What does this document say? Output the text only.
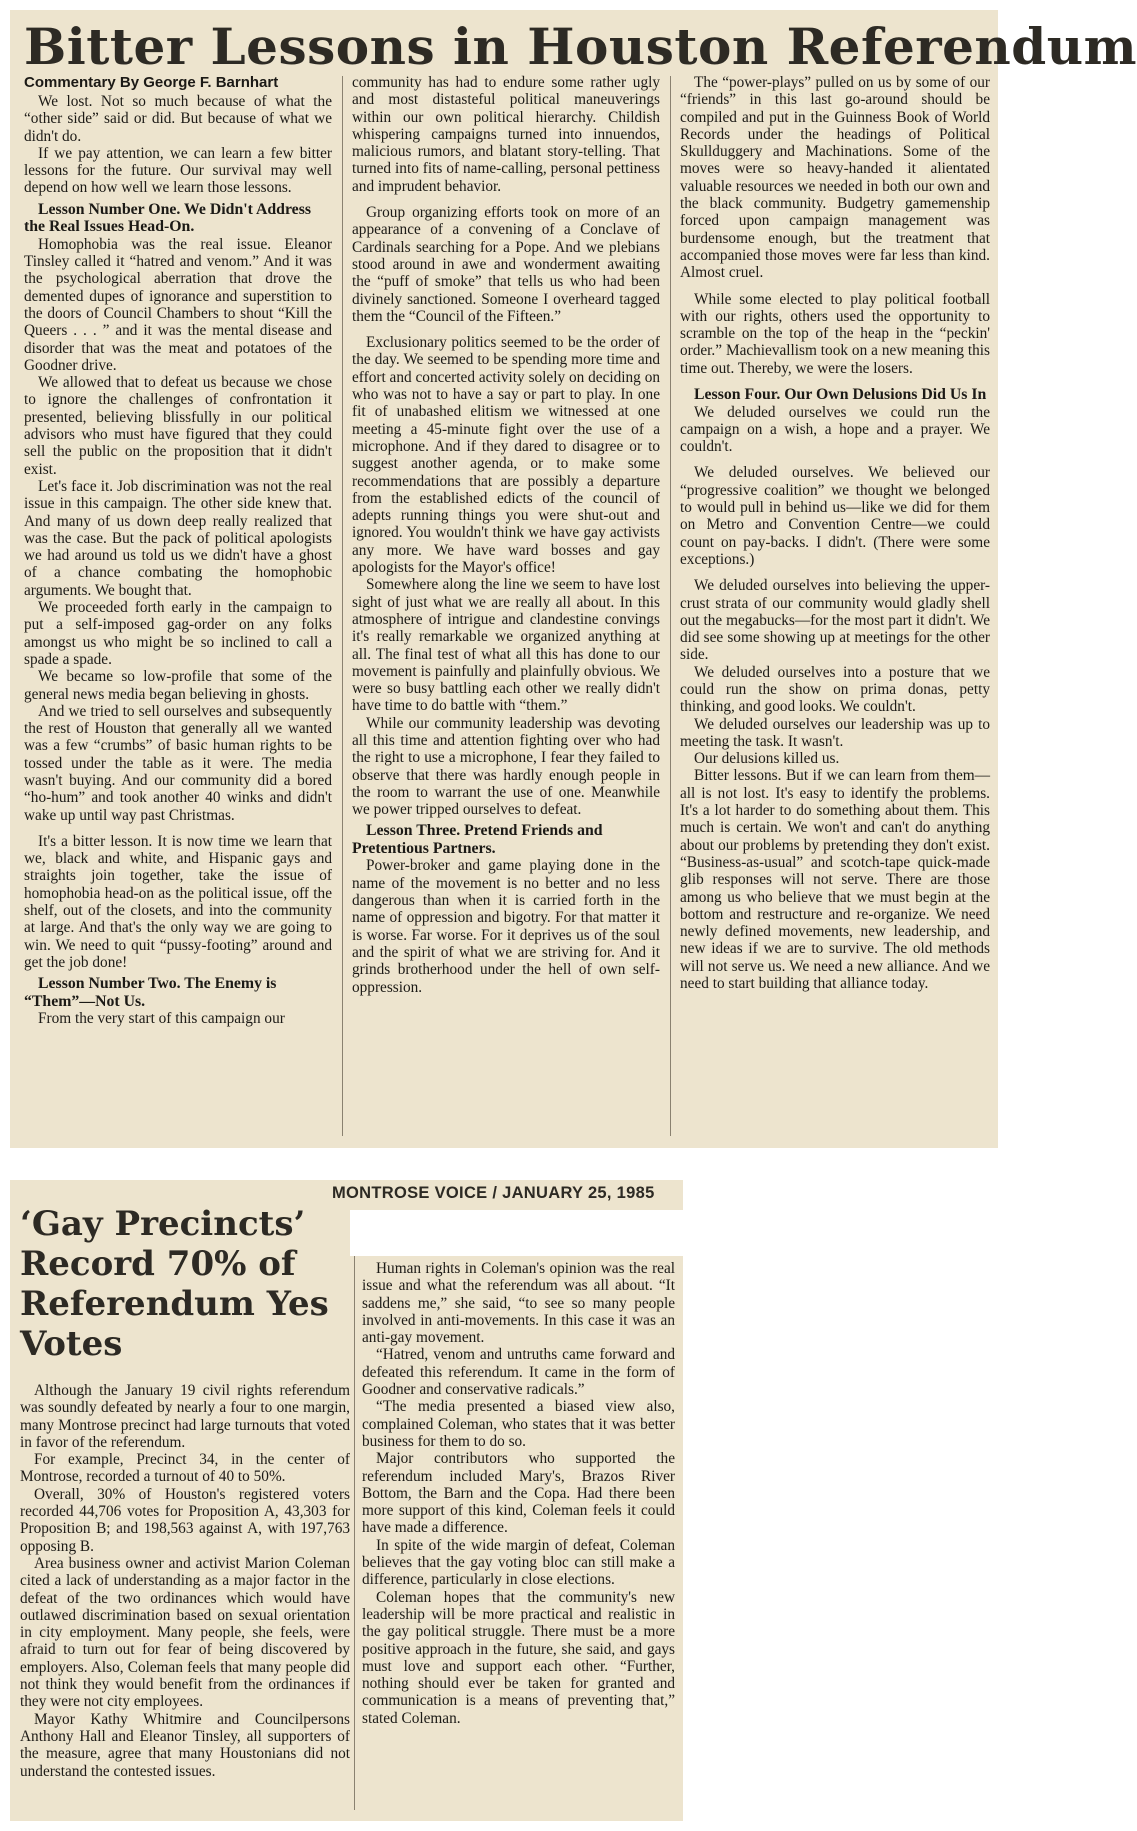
Bitter Lessons in Houston Referendum
Commentary By George F. Barnhart

We lost. Not so much because of what the “other side” said or did. But because of what we didn't do.

If we pay attention, we can learn a few bitter lessons for the future. Our survival may well depend on how well we learn those lessons.

Lesson Number One. We Didn't Address the Real Issues Head-On.

Homophobia was the real issue. Eleanor Tinsley called it “hatred and venom.” And it was the psychological aberration that drove the demented dupes of ignorance and superstition to the doors of Council Chambers to shout “Kill the Queers . . . ” and it was the mental disease and disorder that was the meat and potatoes of the Goodner drive.

We allowed that to defeat us because we chose to ignore the challenges of confrontation it presented, believing blissfully in our political advisors who must have figured that they could sell the public on the proposition that it didn't exist.

Let's face it. Job discrimination was not the real issue in this campaign. The other side knew that. And many of us down deep really realized that was the case. But the pack of political apologists we had around us told us we didn't have a ghost of a chance combating the homophobic arguments. We bought that.

We proceeded forth early in the campaign to put a self-imposed gag-order on any folks amongst us who might be so inclined to call a spade a spade.

We became so low-profile that some of the general news media began believing in ghosts.

And we tried to sell ourselves and subsequently the rest of Houston that generally all we wanted was a few “crumbs” of basic human rights to be tossed under the table as it were. The media wasn't buying. And our community did a bored “ho-hum” and took another 40 winks and didn't wake up until way past Christmas.

It's a bitter lesson. It is now time we learn that we, black and white, and Hispanic gays and straights join together, take the issue of homophobia head-on as the political issue, off the shelf, out of the closets, and into the community at large. And that's the only way we are going to win. We need to quit “pussy-footing” around and get the job done!

Lesson Number Two. The Enemy is “Them”—Not Us.

From the very start of this campaign our

community has had to endure some rather ugly and most distasteful political maneuverings within our own political hierarchy. Childish whispering campaigns turned into innuendos, malicious rumors, and blatant story-telling. That turned into fits of name-calling, personal pettiness and imprudent behavior.

Group organizing efforts took on more of an appearance of a convening of a Conclave of Cardinals searching for a Pope. And we plebians stood around in awe and wonderment awaiting the “puff of smoke” that tells us who had been divinely sanctioned. Someone I overheard tagged them the “Council of the Fifteen.”

Exclusionary politics seemed to be the order of the day. We seemed to be spending more time and effort and concerted activity solely on deciding on who was not to have a say or part to play. In one fit of unabashed elitism we witnessed at one meeting a 45-minute fight over the use of a microphone. And if they dared to disagree or to suggest another agenda, or to make some recommendations that are possibly a departure from the established edicts of the council of adepts running things you were shut-out and ignored. You wouldn't think we have gay activists any more. We have ward bosses and gay apologists for the Mayor's office!

Somewhere along the line we seem to have lost sight of just what we are really all about. In this atmosphere of intrigue and clandestine convings it's really remarkable we organized anything at all. The final test of what all this has done to our movement is painfully and plainfully obvious. We were so busy battling each other we really didn't have time to do battle with “them.”

While our community leadership was devoting all this time and attention fighting over who had the right to use a microphone, I fear they failed to observe that there was hardly enough people in the room to warrant the use of one. Meanwhile we power tripped ourselves to defeat.

Lesson Three. Pretend Friends and Pretentious Partners.

Power-broker and game playing done in the name of the movement is no better and no less dangerous than when it is carried forth in the name of oppression and bigotry. For that matter it is worse. Far worse. For it deprives us of the soul and the spirit of what we are striving for. And it grinds brotherhood under the hell of own self-oppression.

The “power-plays” pulled on us by some of our “friends” in this last go-around should be compiled and put in the Guinness Book of World Records under the headings of Political Skullduggery and Machinations. Some of the moves were so heavy-handed it alientated valuable resources we needed in both our own and the black community. Budgetry gamemenship forced upon campaign management was burdensome enough, but the treatment that accompanied those moves were far less than kind. Almost cruel.

While some elected to play political football with our rights, others used the opportunity to scramble on the top of the heap in the “peckin' order.” Machievallism took on a new meaning this time out. Thereby, we were the losers.

Lesson Four. Our Own Delusions Did Us In

We deluded ourselves we could run the campaign on a wish, a hope and a prayer. We couldn't.

We deluded ourselves. We believed our “progressive coalition” we thought we belonged to would pull in behind us—like we did for them on Metro and Convention Centre—we could count on pay-backs. I didn't. (There were some exceptions.)

We deluded ourselves into believing the upper-crust strata of our community would gladly shell out the megabucks—for the most part it didn't. We did see some showing up at meetings for the other side.

We deluded ourselves into a posture that we could run the show on prima donas, petty thinking, and good looks. We couldn't.

We deluded ourselves our leadership was up to meeting the task. It wasn't.

Our delusions killed us.

Bitter lessons. But if we can learn from them—all is not lost. It's easy to identify the problems. It's a lot harder to do something about them. This much is certain. We won't and can't do anything about our problems by pretending they don't exist. “Business-as-usual” and scotch-tape quick-made glib responses will not serve. There are those among us who believe that we must begin at the bottom and restructure and re-organize. We need newly defined movements, new leadership, and new ideas if we are to survive. The old methods will not serve us. We need a new alliance. And we need to start building that alliance today.

‘Gay Precincts’ Record 70% of Referendum Yes Votes

Although the January 19 civil rights referendum was soundly defeated by nearly a four to one margin, many Montrose precinct had large turnouts that voted in favor of the referendum.

For example, Precinct 34, in the center of Montrose, recorded a turnout of 40 to 50%.

Overall, 30% of Houston's registered voters recorded 44,706 votes for Proposition A, 43,303 for Proposition B; and 198,563 against A, with 197,763 opposing B.

Area business owner and activist Marion Coleman cited a lack of understanding as a major factor in the defeat of the two ordinances which would have outlawed discrimination based on sexual orientation in city employment. Many people, she feels, were afraid to turn out for fear of being discovered by employers. Also, Coleman feels that many people did not think they would benefit from the ordinances if they were not city employees.

Mayor Kathy Whitmire and Councilpersons Anthony Hall and Eleanor Tinsley, all supporters of the measure, agree that many Houstonians did not understand the contested issues.

Human rights in Coleman's opinion was the real issue and what the referendum was all about. “It saddens me,” she said, “to see so many people involved in anti-movements. In this case it was an anti-gay movement.

“Hatred, venom and untruths came forward and defeated this referendum. It came in the form of Goodner and conservative radicals.”

“The media presented a biased view also, complained Coleman, who states that it was better business for them to do so.

Major contributors who supported the referendum included Mary's, Brazos River Bottom, the Barn and the Copa. Had there been more support of this kind, Coleman feels it could have made a difference.

In spite of the wide margin of defeat, Coleman believes that the gay voting bloc can still make a difference, particularly in close elections.

Coleman hopes that the community's new leadership will be more practical and realistic in the gay political struggle. There must be a more positive approach in the future, she said, and gays must love and support each other. “Further, nothing should ever be taken for granted and communication is a means of preventing that,” stated Coleman.

MONTROSE VOICE / JANUARY 25, 1985
